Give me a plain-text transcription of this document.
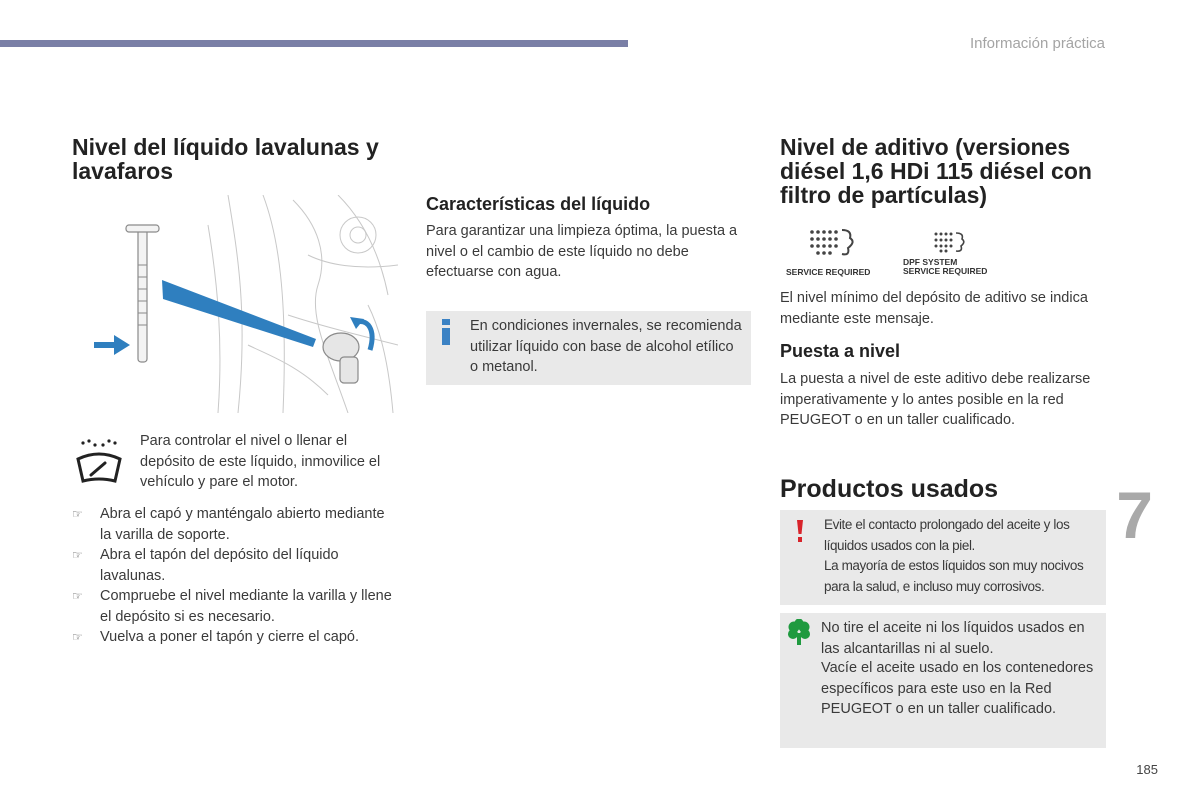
Información práctica
Nivel del líquido lavalunas y lavafaros

Para controlar el nivel o llenar el depósito de este líquido, inmovilice el vehículo y pare el motor.

☞ Abra el capó y manténgalo abierto mediante la varilla de soporte.
☞ Abra el tapón del depósito del líquido lavalunas.
☞ Compruebe el nivel mediante la varilla y llene el depósito si es necesario.
☞ Vuelva a poner el tapón y cierre el capó.
Características del líquido

Para garantizar una limpieza óptima, la puesta a nivel o el cambio de este líquido no debe efectuarse con agua.

En condiciones invernales, se recomienda utilizar líquido con base de alcohol etílico o metanol.

Nivel de aditivo (versiones diésel 1,6 HDi 115 diésel con filtro de partículas)
SERVICE REQUIRED
DPF SYSTEM
SERVICE REQUIRED

El nivel mínimo del depósito de aditivo se indica mediante este mensaje.

Puesta a nivel

La puesta a nivel de este aditivo debe realizarse imperativamente y lo antes posible en la red PEUGEOT o en un taller cualificado.

Productos usados
Evite el contacto prolongado del aceite y los líquidos usados con la piel.
La mayoría de estos líquidos son muy nocivos para la salud, e incluso muy corrosivos.

No tire el aceite ni los líquidos usados en las alcantarillas ni al suelo.

Vacíe el aceite usado en los contenedores específicos para este uso en la Red PEUGEOT o en un taller cualificado.

7
185
